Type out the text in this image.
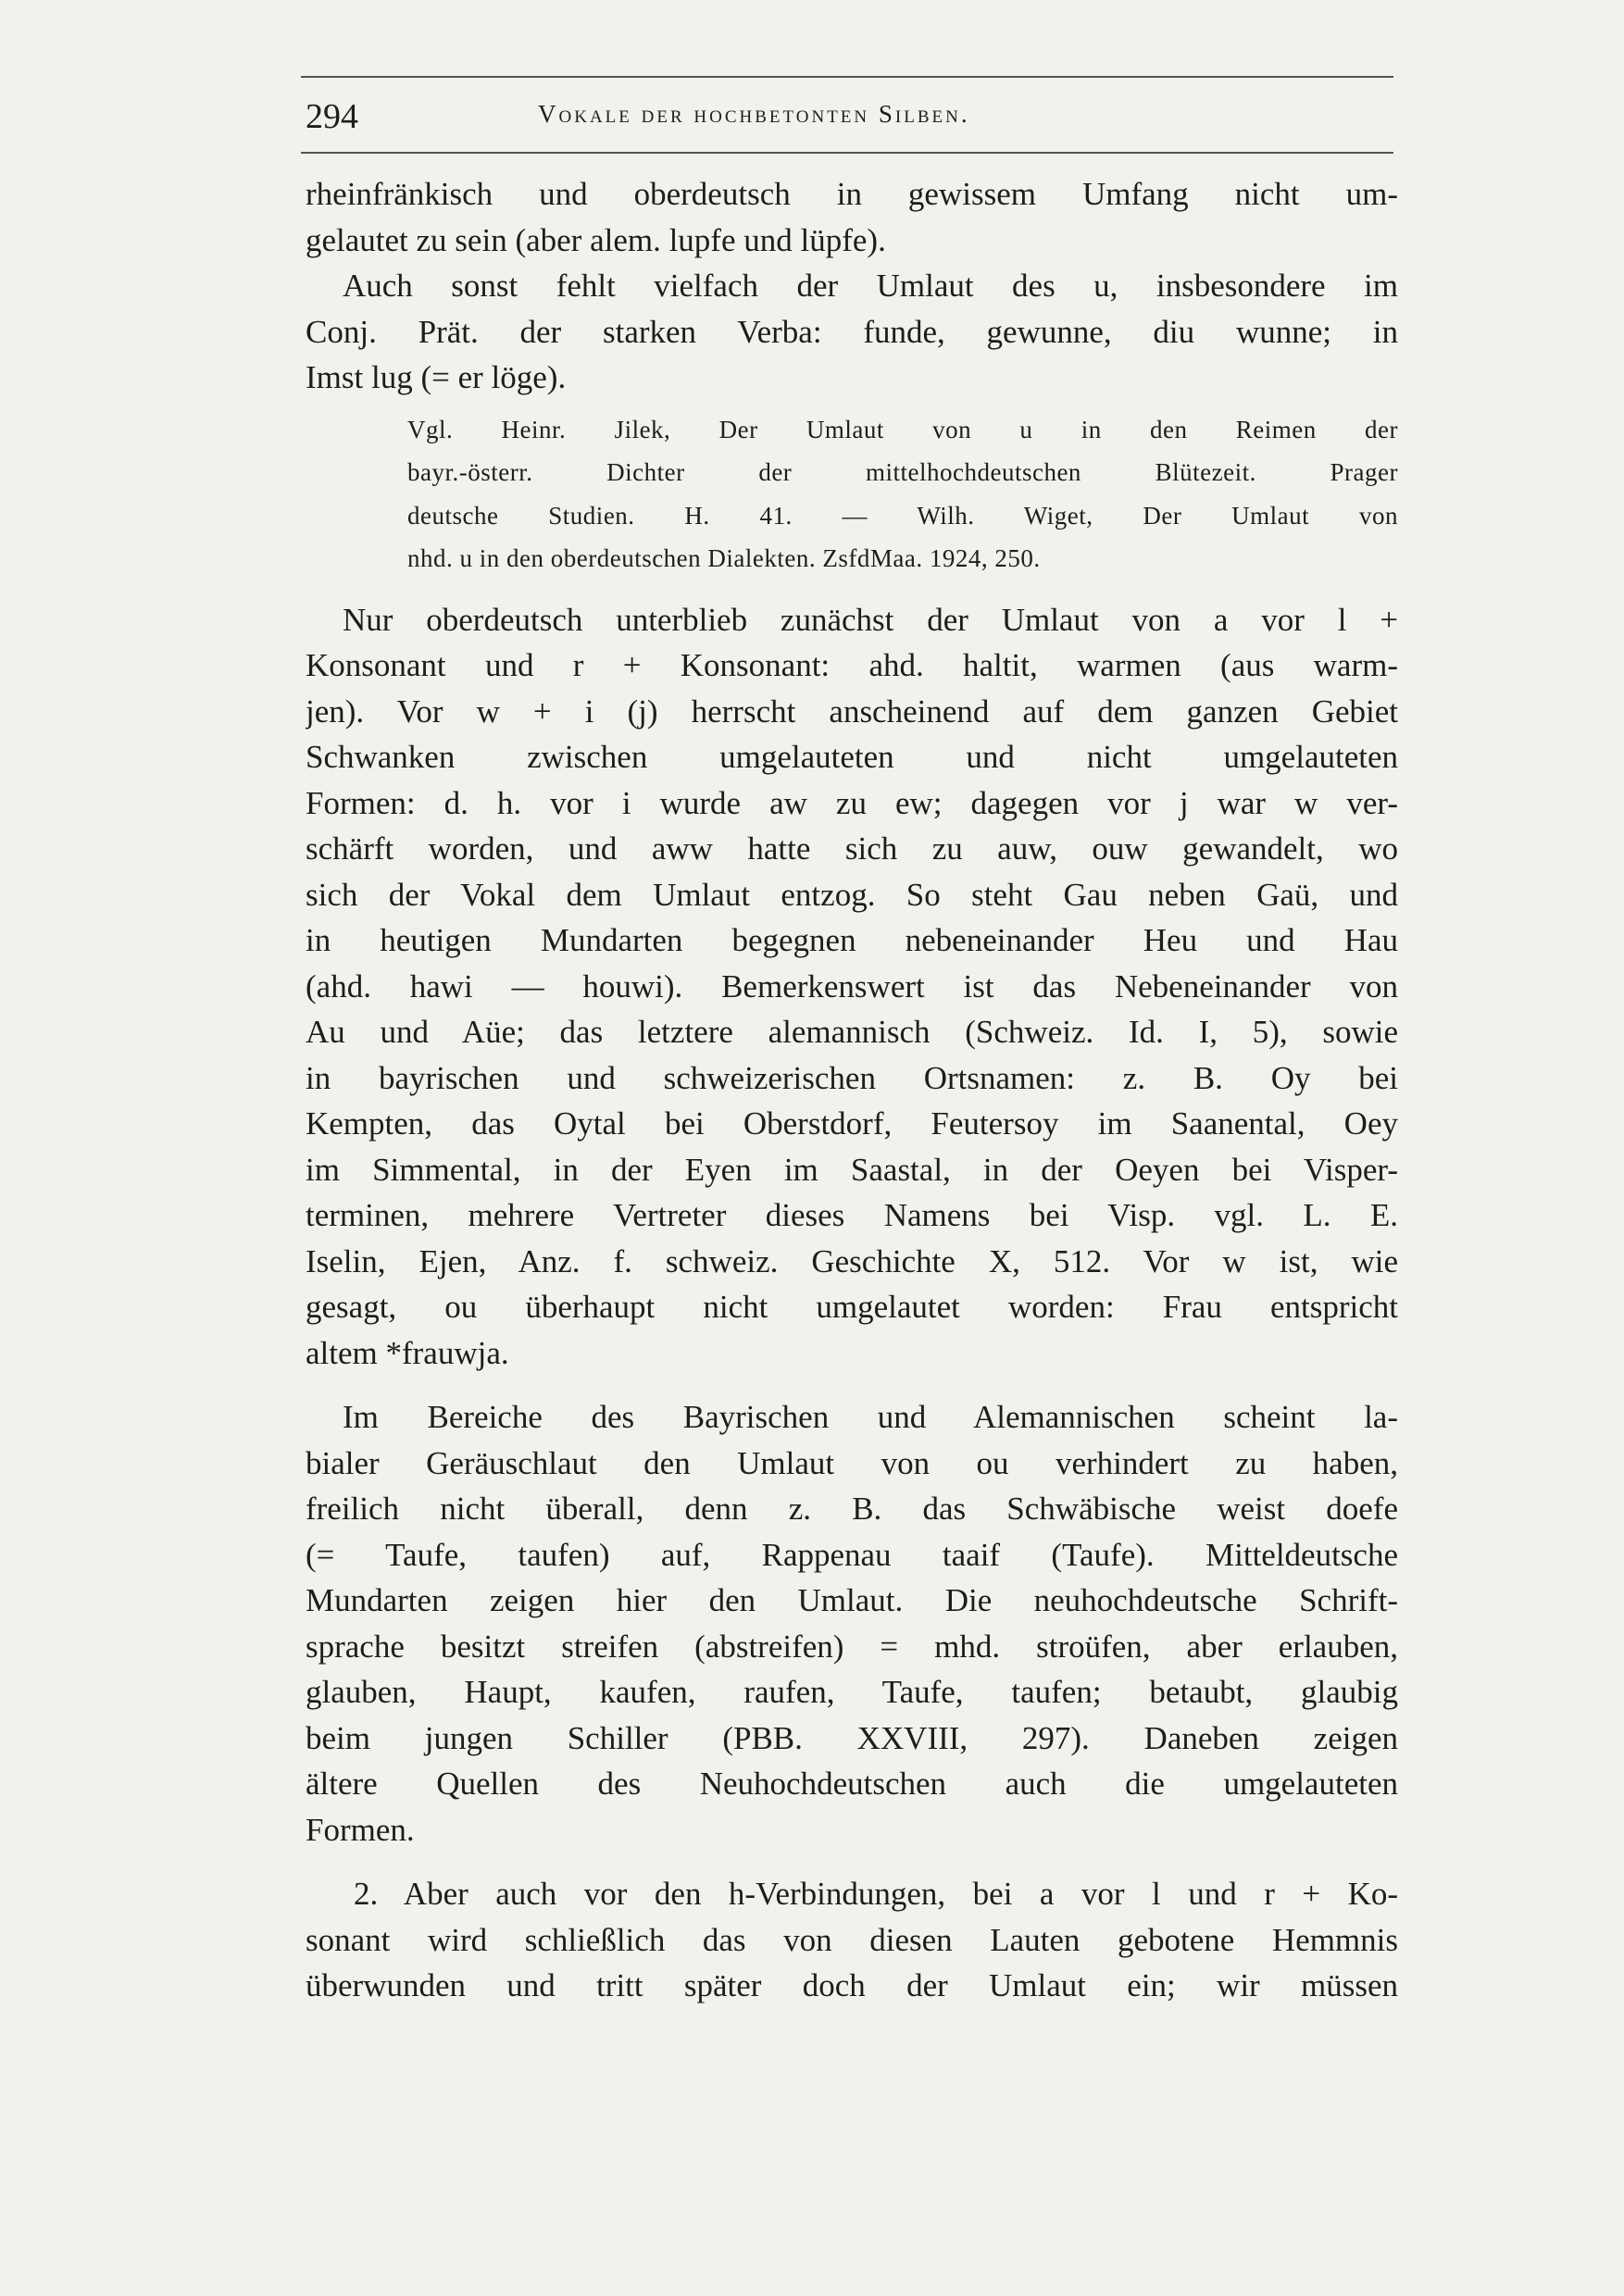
294	Vokale der hochbetonten Silben.
rheinfränkisch und oberdeutsch in gewissem Umfang nicht um-
gelautet zu sein (aber alem. lupfe und lüpfe).
Auch sonst fehlt vielfach der Umlaut des u, insbesondere im
Conj. Prät. der starken Verba: funde, gewunne, diu wunne; in
Imst lug (= er löge).
Vgl. Heinr. Jilek, Der Umlaut von u in den Reimen der
bayr.-österr. Dichter der mittelhochdeutschen Blütezeit. Prager
deutsche Studien. H. 41. — Wilh. Wiget, Der Umlaut von
nhd. u in den oberdeutschen Dialekten. ZsfdMaa. 1924, 250.
Nur oberdeutsch unterblieb zunächst der Umlaut von a vor l +
Konsonant und r + Konsonant: ahd. haltit, warmen (aus warm-
jen). Vor w + i (j) herrscht anscheinend auf dem ganzen Gebiet
Schwanken zwischen umgelauteten und nicht umgelauteten
Formen: d. h. vor i wurde aw zu ew; dagegen vor j war w ver-
schärft worden, und aww hatte sich zu auw, ouw gewandelt, wo
sich der Vokal dem Umlaut entzog. So steht Gau neben Gaü, und
in heutigen Mundarten begegnen nebeneinander Heu und Hau
(ahd. hawi — houwi). Bemerkenswert ist das Nebeneinander von
Au und Aüe; das letztere alemannisch (Schweiz. Id. I, 5), sowie
in bayrischen und schweizerischen Ortsnamen: z. B. Oy bei
Kempten, das Oytal bei Oberstdorf, Feutersoy im Saanental, Oey
im Simmental, in der Eyen im Saastal, in der Oeyen bei Visper-
terminen, mehrere Vertreter dieses Namens bei Visp. vgl. L. E.
Iselin, Ejen, Anz. f. schweiz. Geschichte X, 512. Vor w ist, wie
gesagt, ou überhaupt nicht umgelautet worden: Frau entspricht
altem *frauwja.
Im Bereiche des Bayrischen und Alemannischen scheint la-
bialer Geräuschlaut den Umlaut von ou verhindert zu haben,
freilich nicht überall, denn z. B. das Schwäbische weist doefe
(= Taufe, taufen) auf, Rappenau taaif (Taufe). Mitteldeutsche
Mundarten zeigen hier den Umlaut. Die neuhochdeutsche Schrift-
sprache besitzt streifen (abstreifen) = mhd. stroüfen, aber erlauben,
glauben, Haupt, kaufen, raufen, Taufe, taufen; betaubt, glaubig
beim jungen Schiller (PBB. XXVIII, 297). Daneben zeigen
ältere Quellen des Neuhochdeutschen auch die umgelauteten
Formen.
2. Aber auch vor den h-Verbindungen, bei a vor l und r + Ko-
sonant wird schließlich das von diesen Lauten gebotene Hemmnis
überwunden und tritt später doch der Umlaut ein; wir müssen
